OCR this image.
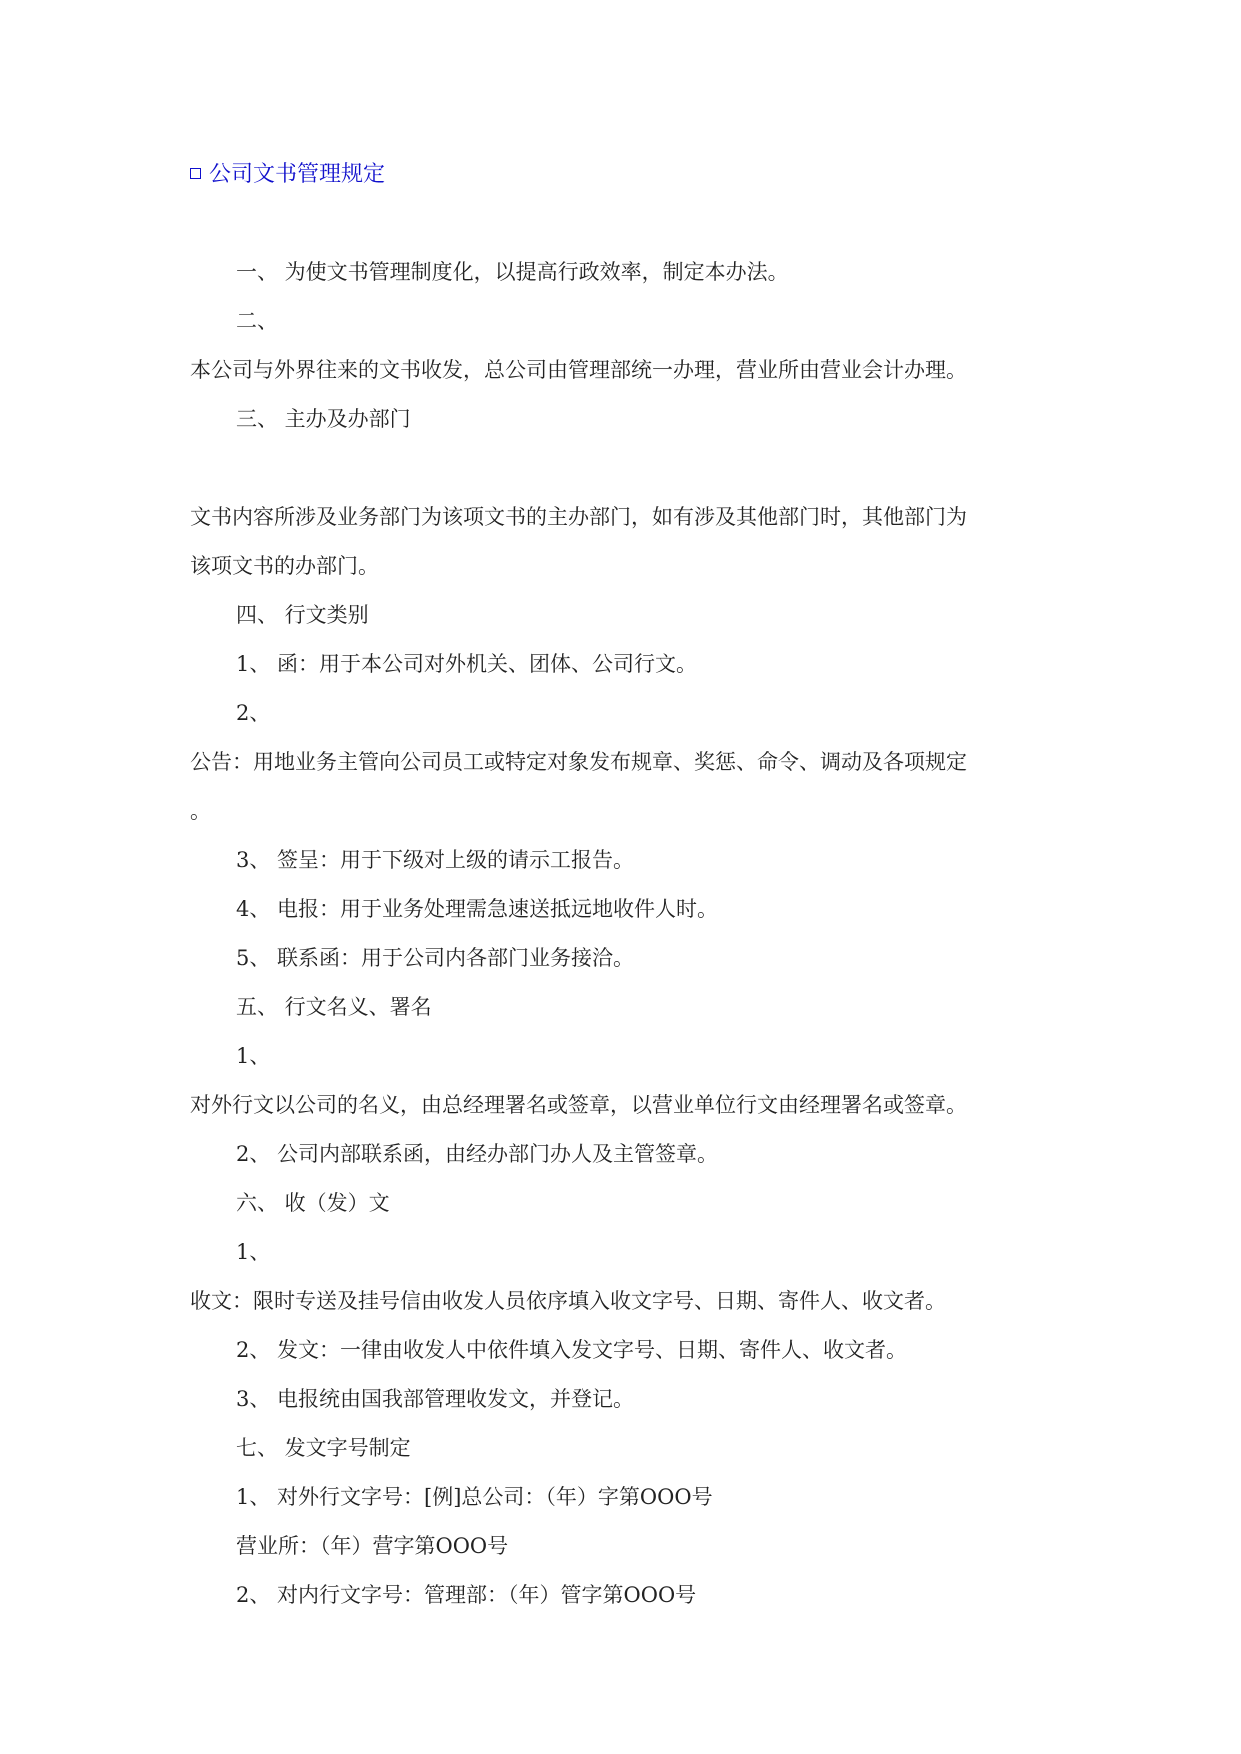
公司文书管理规定
一、 为使文书管理制度化，以提高行政效率，制定本办法。
二、
本公司与外界往来的文书收发，总公司由管理部统一办理，营业所由营业会计办理。
三、 主办及办部门
文书内容所涉及业务部门为该项文书的主办部门，如有涉及其他部门时，其他部门为
该项文书的办部门。
四、 行文类别
1、 函：用于本公司对外机关、团体、公司行文。
2、
公告：用地业务主管向公司员工或特定对象发布规章、奖惩、命令、调动及各项规定
。
3、 签呈：用于下级对上级的请示工报告。
4、 电报：用于业务处理需急速送抵远地收件人时。
5、 联系函：用于公司内各部门业务接洽。
五、 行文名义、署名
1、
对外行文以公司的名义，由总经理署名或签章，以营业单位行文由经理署名或签章。
2、 公司内部联系函，由经办部门办人及主管签章。
六、 收（发）文
1、
收文：限时专送及挂号信由收发人员依序填入收文字号、日期、寄件人、收文者。
2、 发文：一律由收发人中依件填入发文字号、日期、寄件人、收文者。
3、 电报统由国我部管理收发文，并登记。
七、 发文字号制定
1、 对外行文字号：[例]总公司：（年）字第OOO号
营业所：（年）营字第OOO号
2、 对内行文字号：管理部：（年）管字第OOO号
